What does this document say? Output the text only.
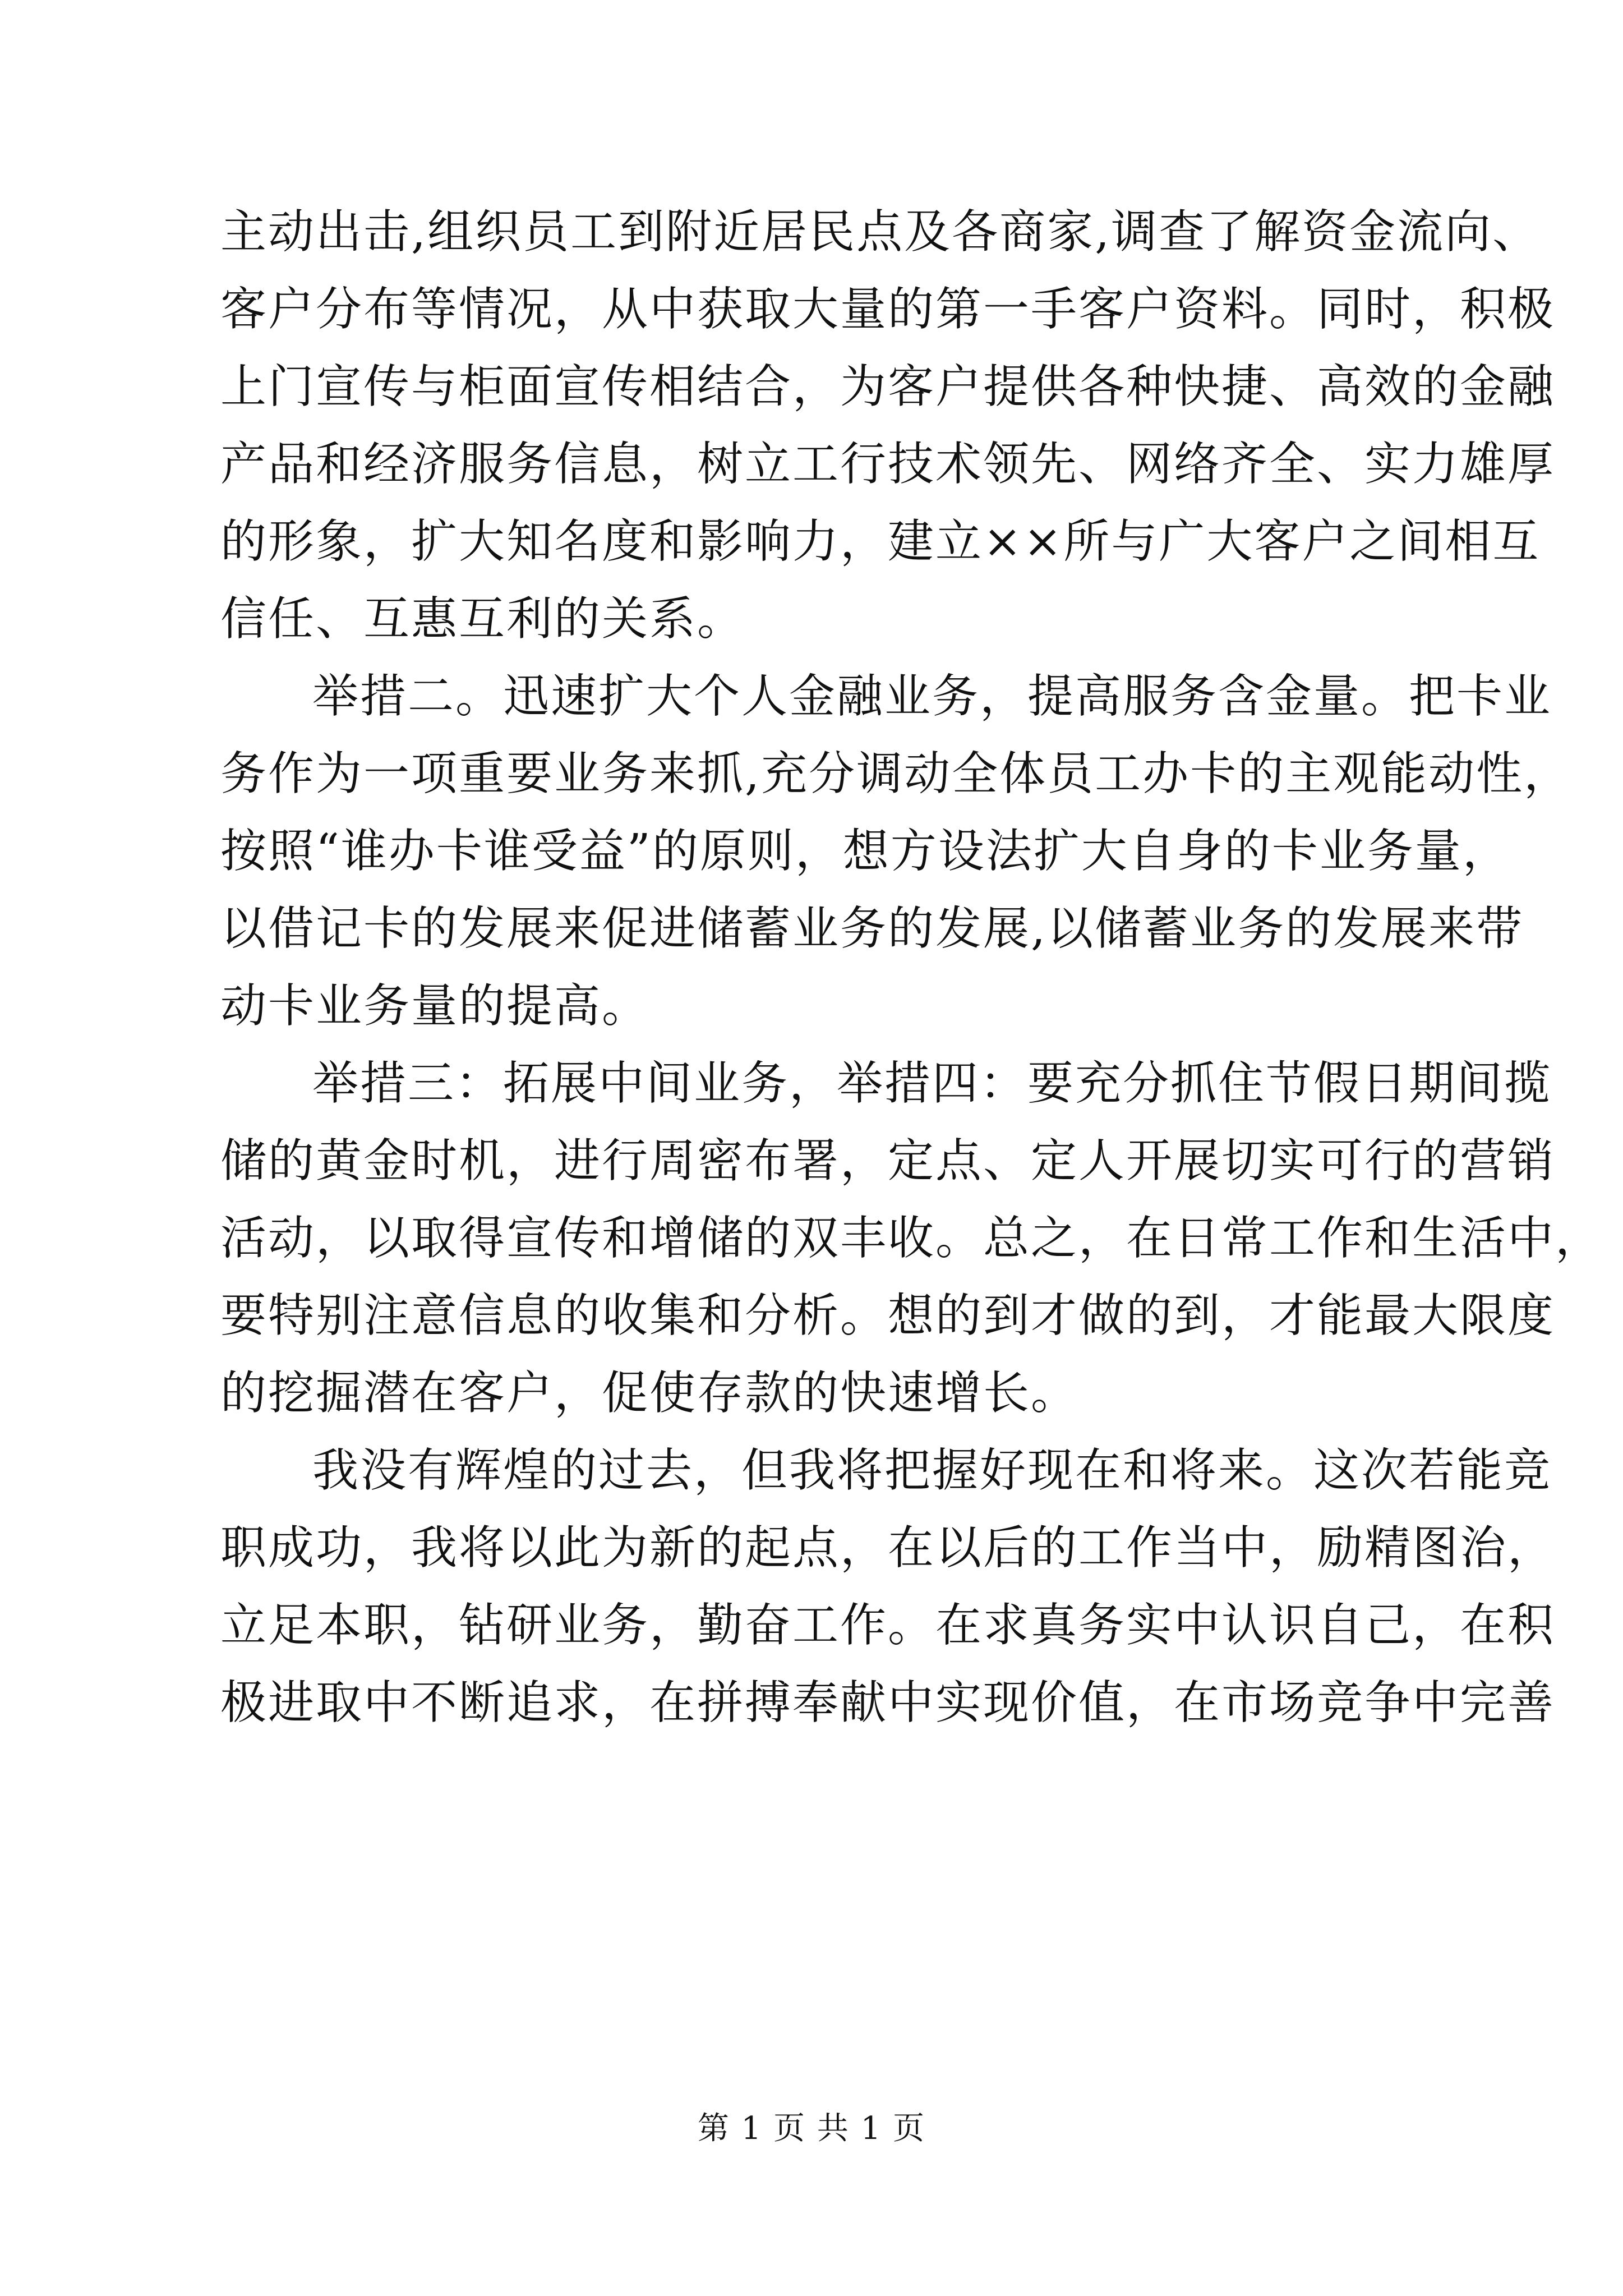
主动出击,组织员工到附近居民点及各商家,调查了解资金流向、
客户分布等情况，从中获取大量的第一手客户资料。同时，积极
上门宣传与柜面宣传相结合，为客户提供各种快捷、高效的金融
产品和经济服务信息，树立工行技术领先、网络齐全、实力雄厚
的形象，扩大知名度和影响力，建立××所与广大客户之间相互
信任、互惠互利的关系。

举措二。迅速扩大个人金融业务，提高服务含金量。把卡业
务作为一项重要业务来抓,充分调动全体员工办卡的主观能动性，
按照“谁办卡谁受益”的原则，想方设法扩大自身的卡业务量，
以借记卡的发展来促进储蓄业务的发展,以储蓄业务的发展来带
动卡业务量的提高。

举措三：拓展中间业务，举措四：要充分抓住节假日期间揽
储的黄金时机，进行周密布署，定点、定人开展切实可行的营销
活动，以取得宣传和增储的双丰收。总之，在日常工作和生活中，
要特别注意信息的收集和分析。想的到才做的到，才能最大限度
的挖掘潜在客户，促使存款的快速增长。

我没有辉煌的过去，但我将把握好现在和将来。这次若能竞
职成功，我将以此为新的起点，在以后的工作当中，励精图治，
立足本职，钻研业务，勤奋工作。在求真务实中认识自己，在积
极进取中不断追求，在拼搏奉献中实现价值，在市场竞争中完善

第 1 页 共 1 页
